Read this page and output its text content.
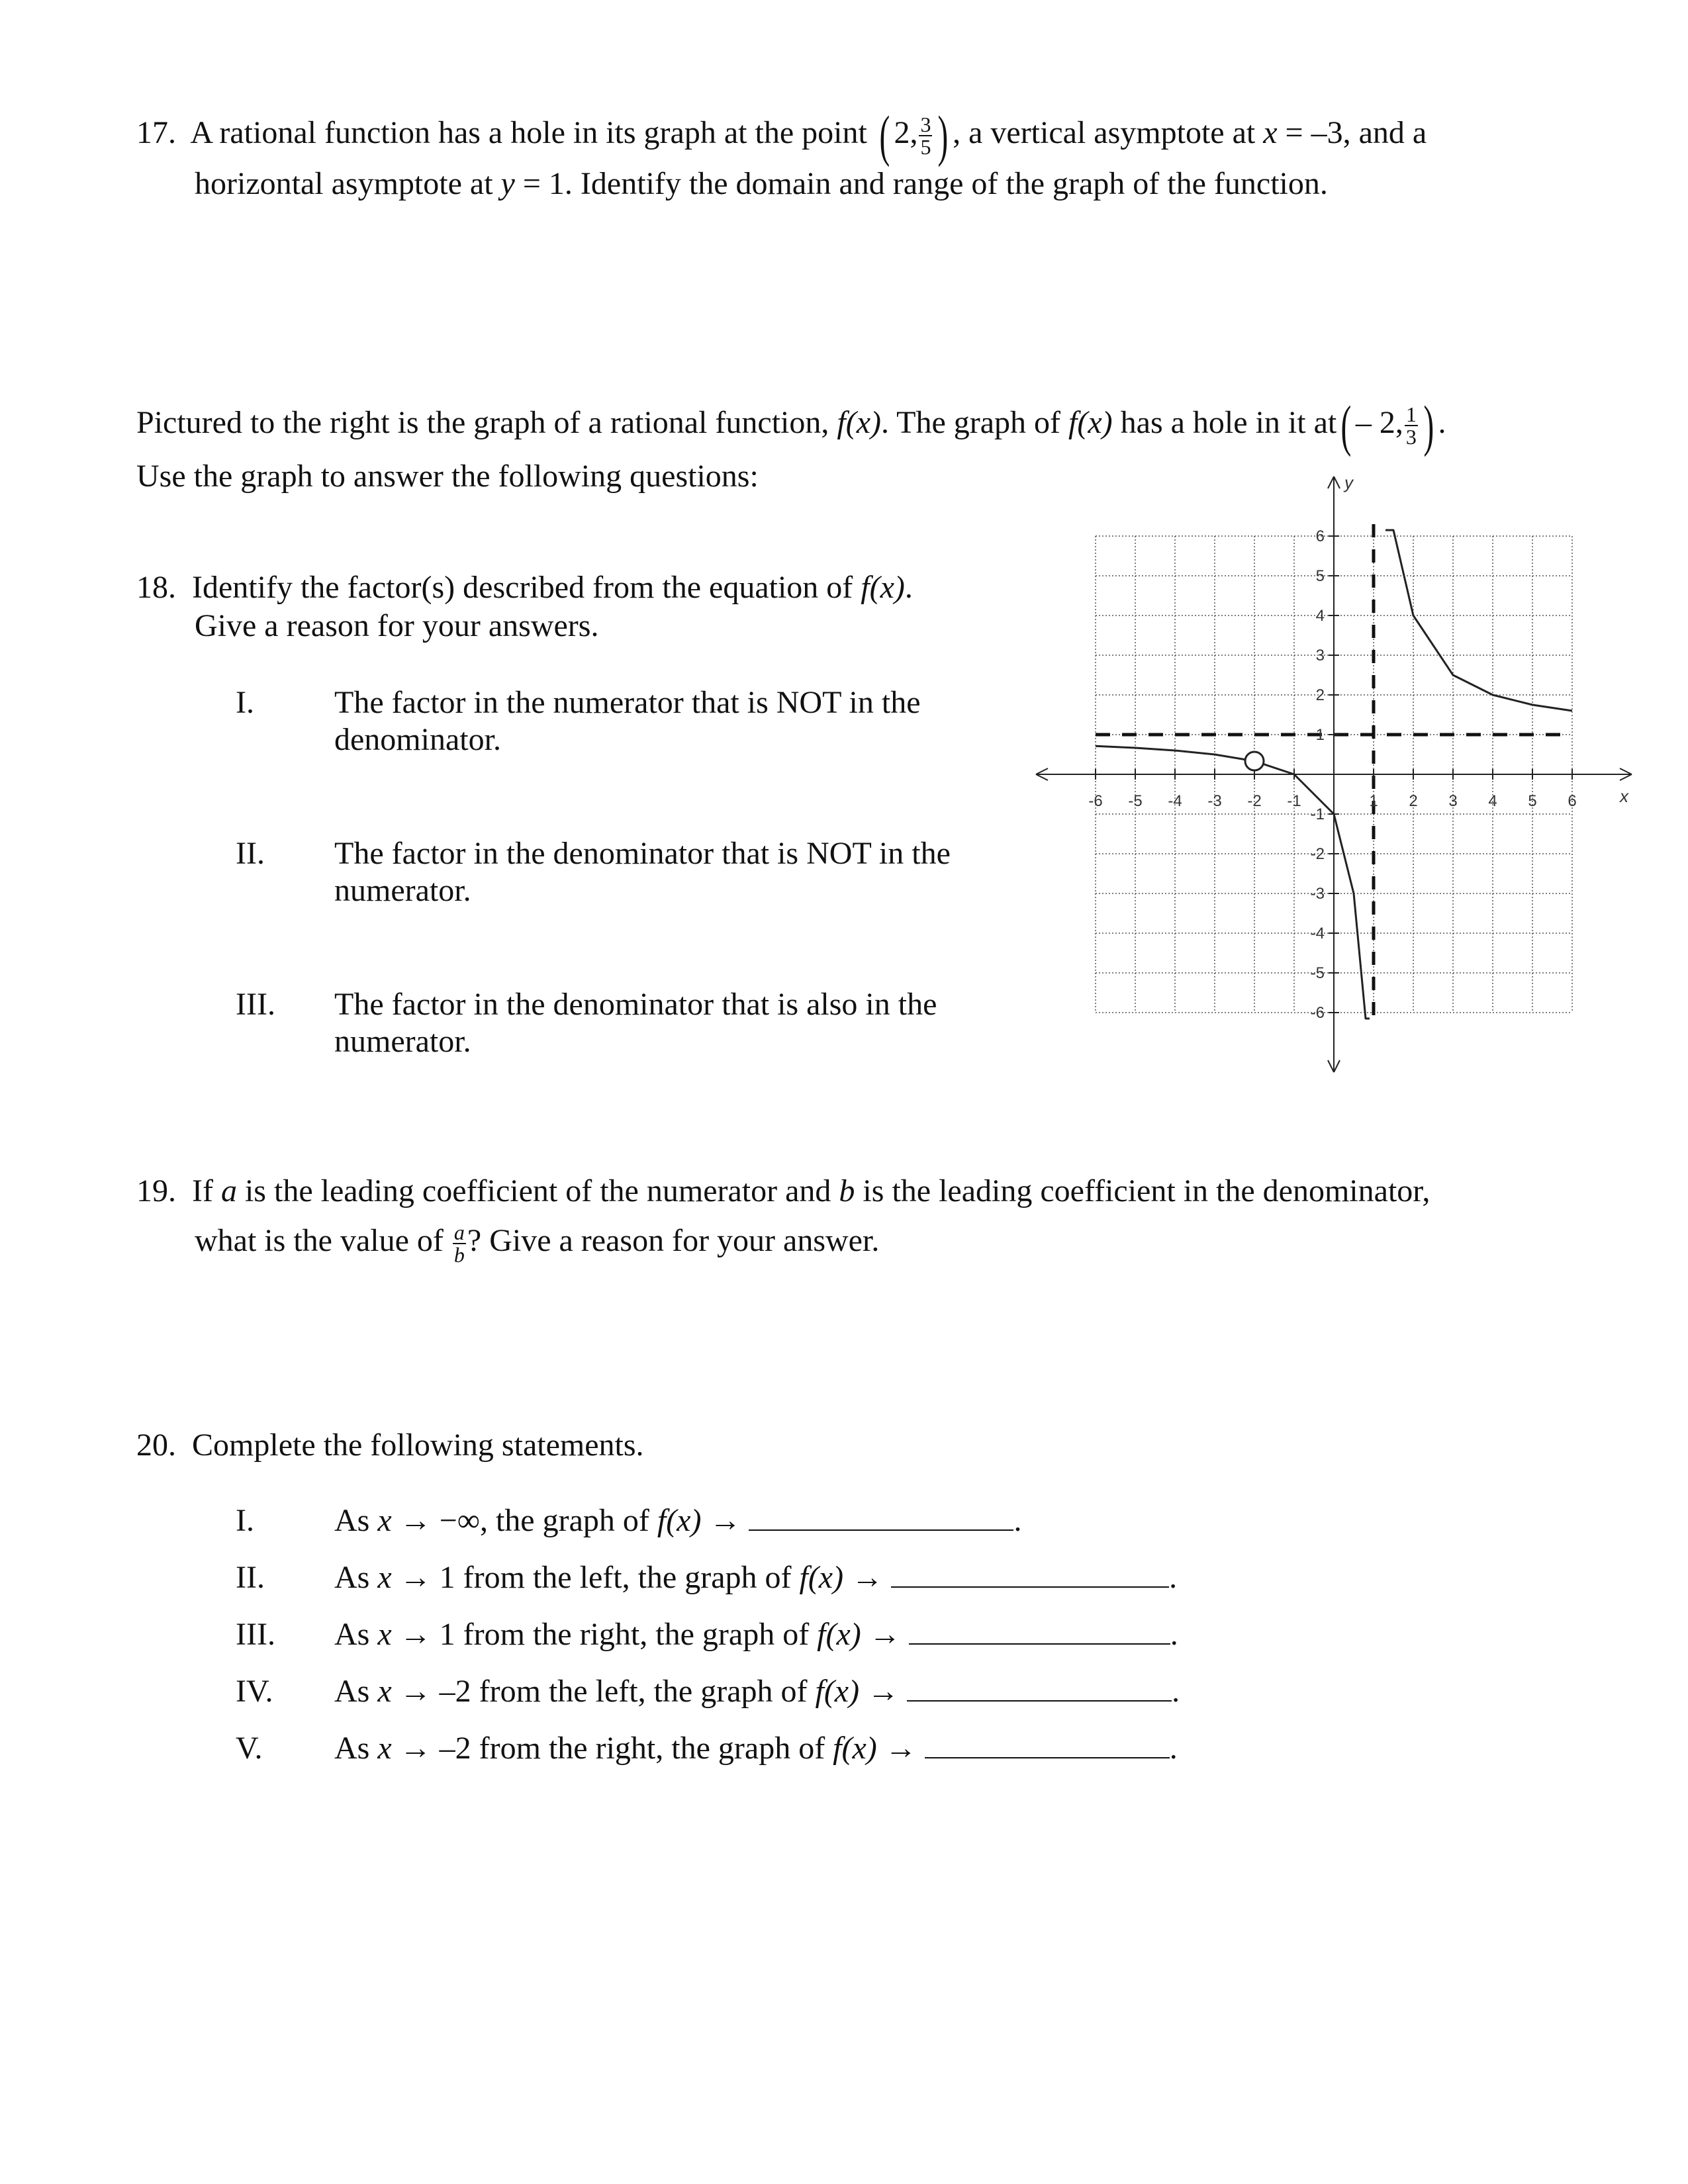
17. A rational function has a hole in its graph at the point ( 2, $\frac{3}{5}$ ) , a vertical asymptote at x = –3, and a
horizontal asymptote at y = 1. Identify the domain and range of the graph of the function.
Pictured to the right is the graph of a rational function, f(x). The graph of f(x) has a hole in it at( – 2, $\frac{1}{3}$ ) .
Use the graph to answer the following questions:
18. Identify the factor(s) described from the equation of f(x).
Give a reason for your answers.
I.	The factor in the numerator that is NOT in the
denominator.
II. The factor in the denominator that is NOT in the
numerator.
III. The factor in the denominator that is also in the
numerator.
x
y
-6 -5 -4 -3 -2 -1	1 2 3 4 5 6
6
5
4
3
2
1
-1
-2
-3
-4
-5
-6
19. If a is the leading coefficient of the numerator and b is the leading coefficient in the denominator,
what is the value of $\frac{a}{b}$ ? Give a reason for your answer.
20. Complete the following statements.
I.	As x → −∞, the graph of f(x) →	.
II. As x → 1 from the left, the graph of f(x) →	.
III. As x → 1 from the right, the graph of f(x) →	.
IV. As x → –2 from the left, the graph of f(x) →	.
V. As x → –2 from the right, the graph of f(x) →	.
